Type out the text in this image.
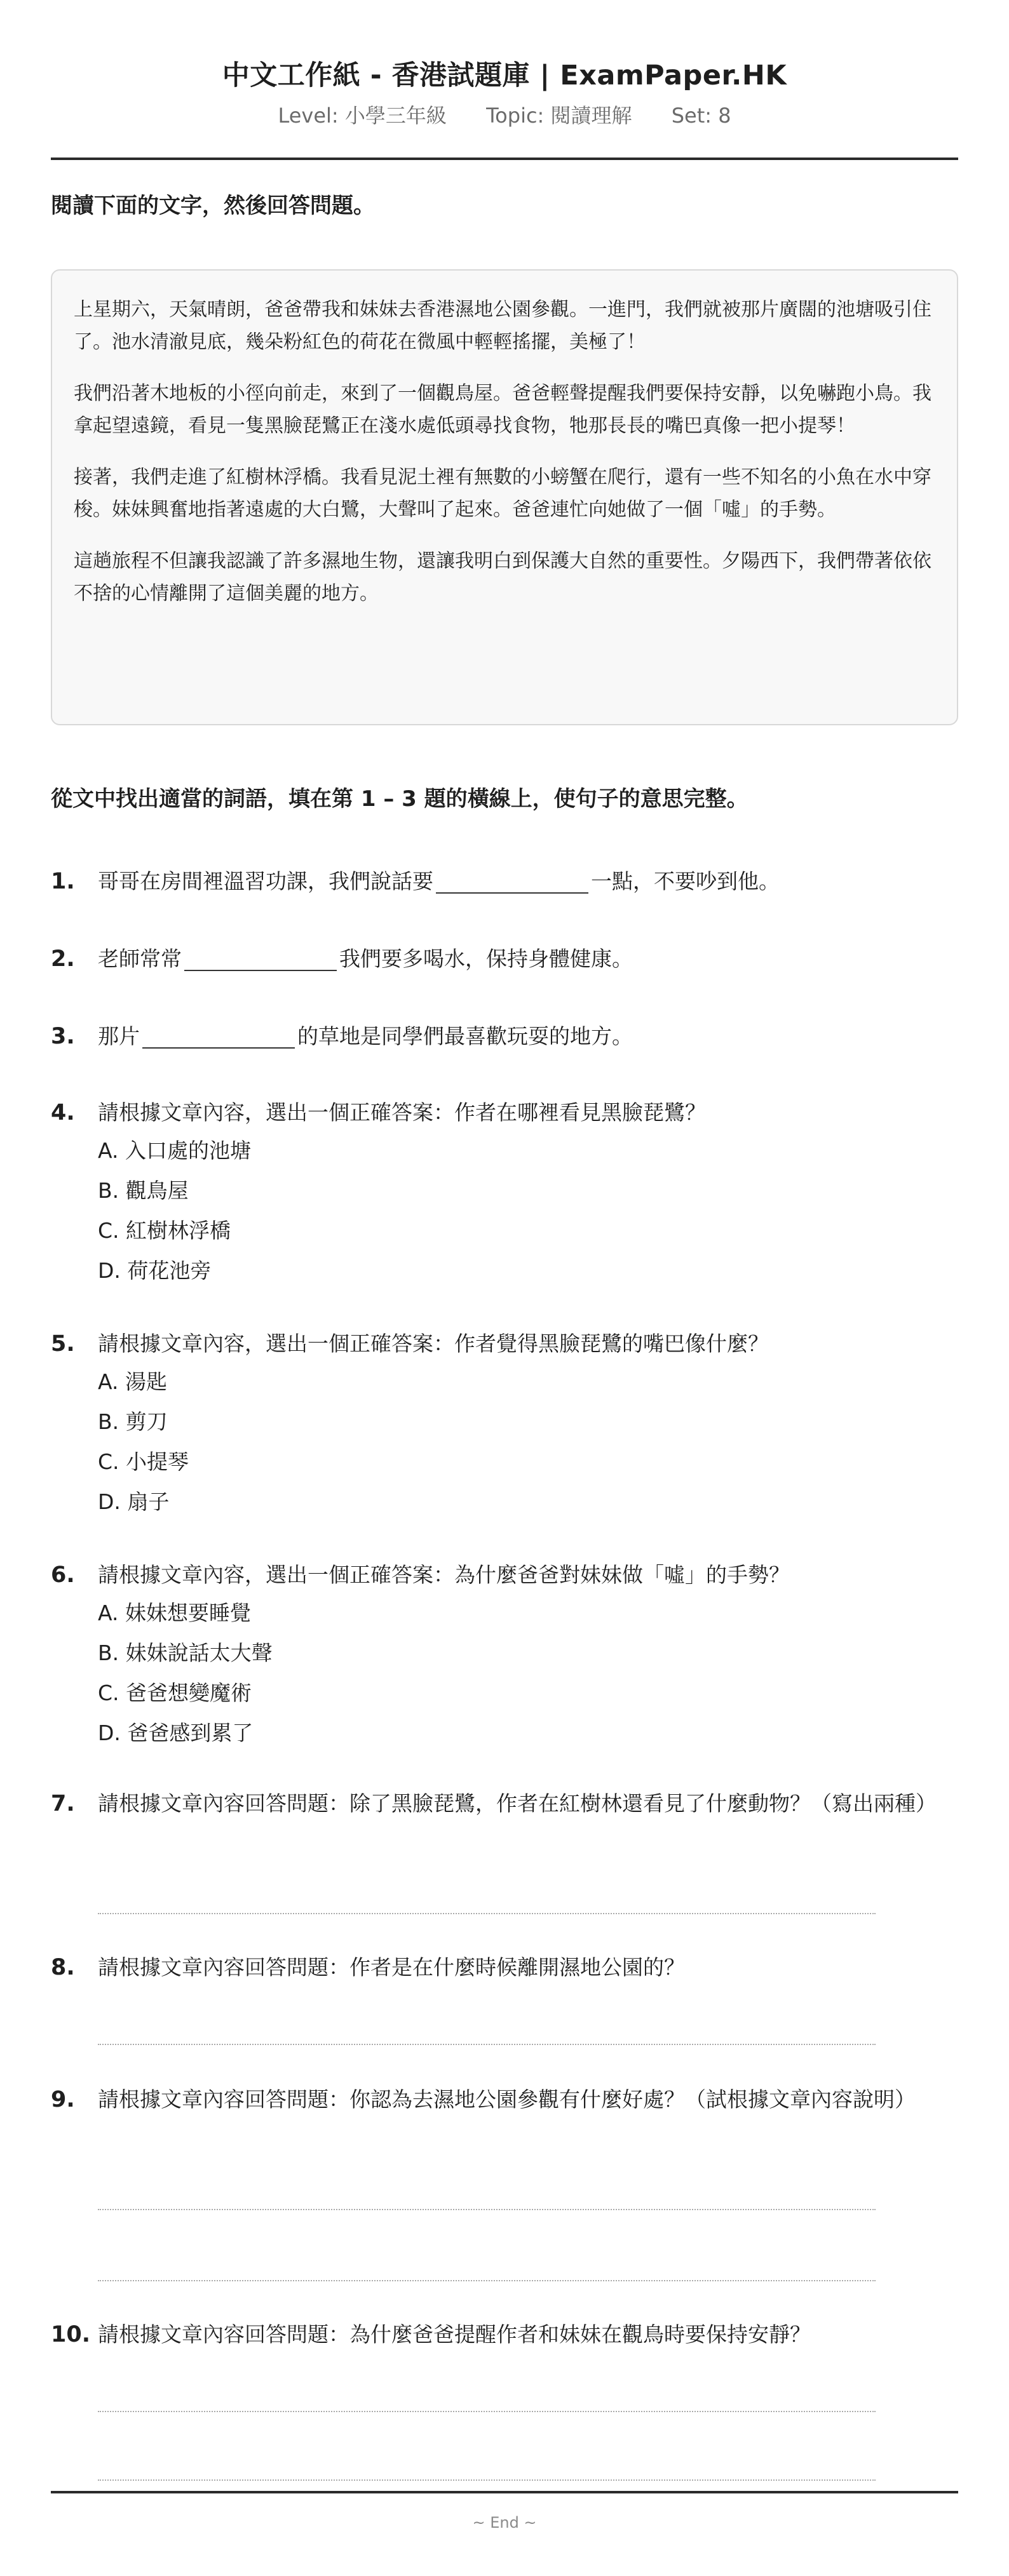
中文工作紙 - 香港試題庫 | ExamPaper.HK
Level: 小學三年級 Topic: 閱讀理解 Set: 8
閱讀下面的文字，然後回答問題。

上星期六，天氣晴朗，爸爸帶我和妹妹去香港濕地公園參觀。一進門，我們就被那片廣闊的池塘吸引住了。池水清澈見底，幾朵粉紅色的荷花在微風中輕輕搖擺，美極了！

我們沿著木地板的小徑向前走，來到了一個觀鳥屋。爸爸輕聲提醒我們要保持安靜，以免嚇跑小鳥。我拿起望遠鏡，看見一隻黑臉琵鷺正在淺水處低頭尋找食物，牠那長長的嘴巴真像一把小提琴！

接著，我們走進了紅樹林浮橋。我看見泥土裡有無數的小螃蟹在爬行，還有一些不知名的小魚在水中穿梭。妹妹興奮地指著遠處的大白鷺，大聲叫了起來。爸爸連忙向她做了一個「噓」的手勢。

這趟旅程不但讓我認識了許多濕地生物，還讓我明白到保護大自然的重要性。夕陽西下，我們帶著依依不捨的心情離開了這個美麗的地方。

從文中找出適當的詞語，填在第 1 – 3 題的橫線上，使句子的意思完整。
1. 哥哥在房間裡溫習功課，我們說話要	一點，不要吵到他。
2. 老師常常	我們要多喝水，保持身體健康。
3. 那片	的草地是同學們最喜歡玩耍的地方。
4. 請根據文章內容，選出一個正確答案：作者在哪裡看見黑臉琵鷺？
A. 入口處的池塘
B. 觀鳥屋
C. 紅樹林浮橋
D. 荷花池旁
5. 請根據文章內容，選出一個正確答案：作者覺得黑臉琵鷺的嘴巴像什麼？
A. 湯匙
B. 剪刀
C. 小提琴
D. 扇子
6. 請根據文章內容，選出一個正確答案：為什麼爸爸對妹妹做「噓」的手勢？
A. 妹妹想要睡覺
B. 妹妹說話太大聲
C. 爸爸想變魔術
D. 爸爸感到累了
7. 請根據文章內容回答問題：除了黑臉琵鷺，作者在紅樹林還看見了什麼動物？（寫出兩種）
8. 請根據文章內容回答問題：作者是在什麼時候離開濕地公園的？
9. 請根據文章內容回答問題：你認為去濕地公園參觀有什麼好處？（試根據文章內容說明）
10. 請根據文章內容回答問題：為什麼爸爸提醒作者和妹妹在觀鳥時要保持安靜？
~ End ~
